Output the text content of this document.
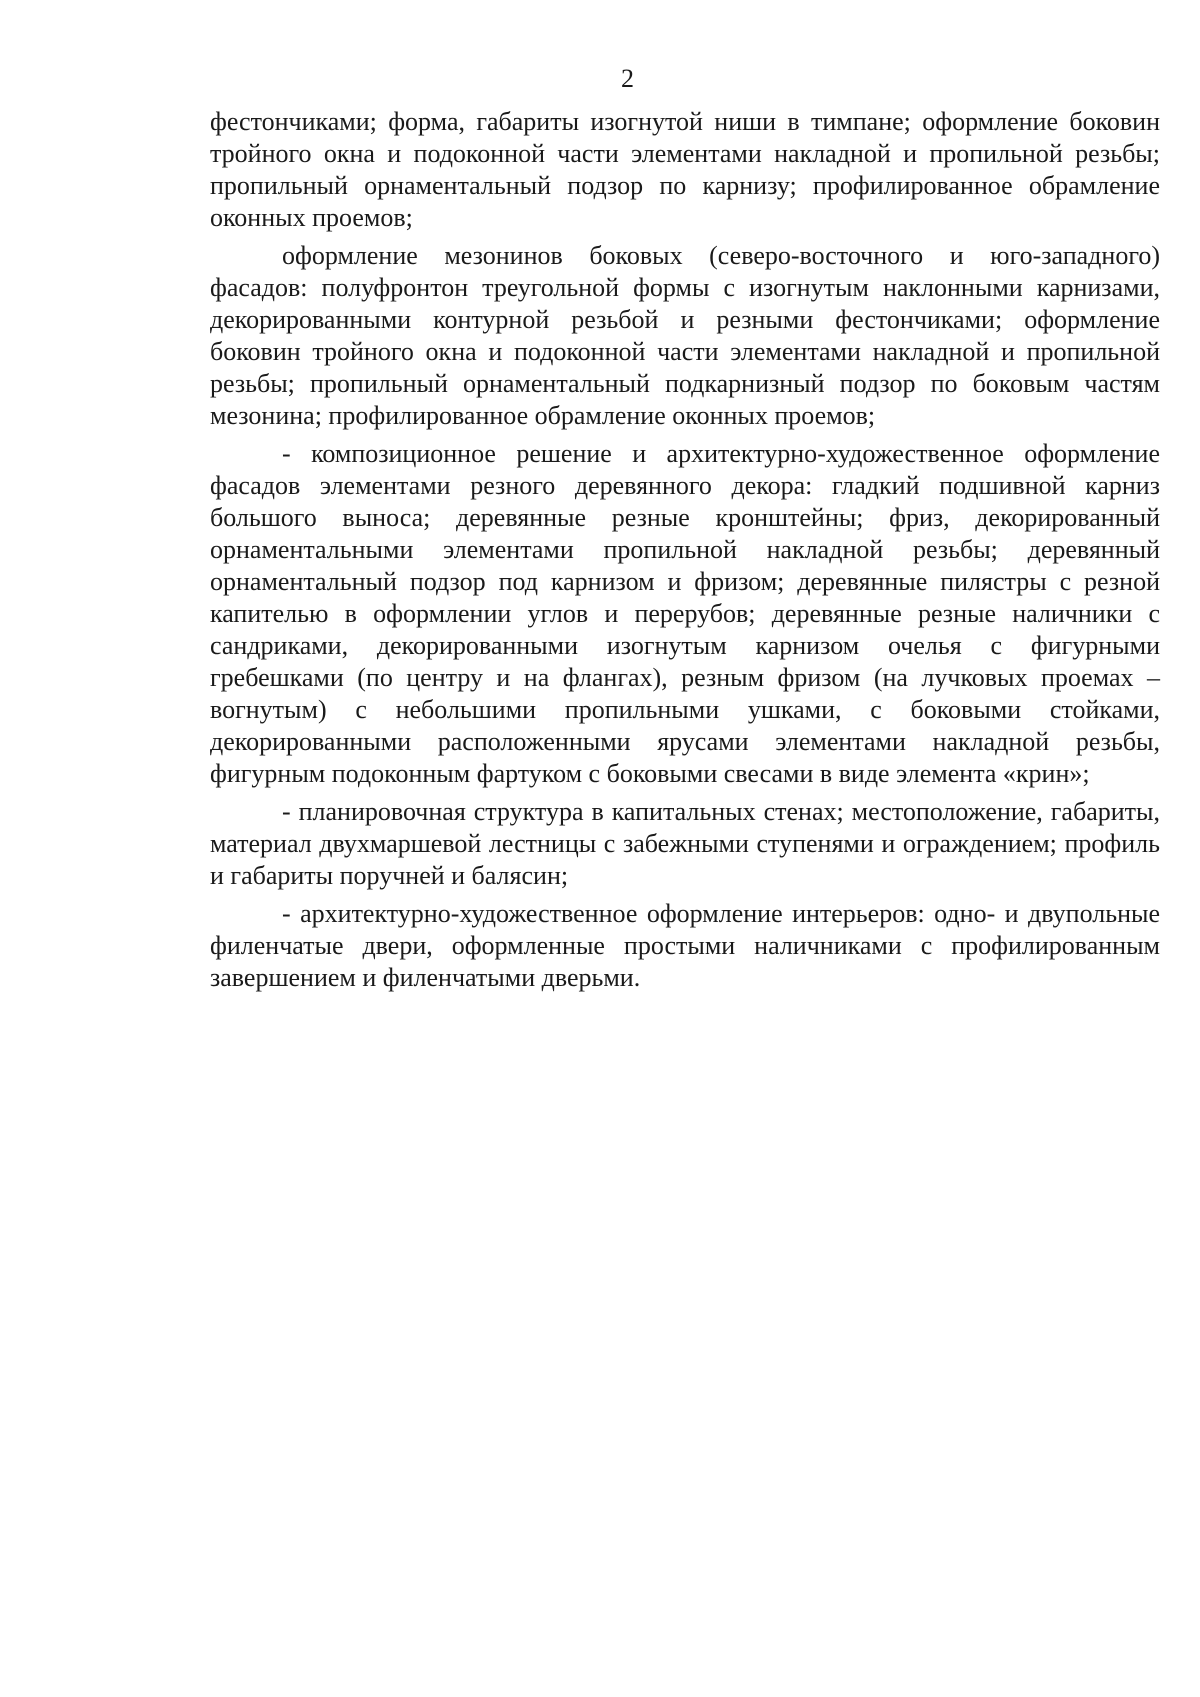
2

фестончиками; форма, габариты изогнутой ниши в тимпане; оформление боковин тройного окна и подоконной части элементами накладной и пропильной резьбы; пропильный орнаментальный подзор по карнизу; профилированное обрамление оконных проемов;

оформление мезонинов боковых (северо-восточного и юго-западного) фасадов: полуфронтон треугольной формы с изогнутым наклонными карнизами, декорированными контурной резьбой и резными фестончиками; оформление боковин тройного окна и подоконной части элементами накладной и пропильной резьбы; пропильный орнаментальный подкарнизный подзор по боковым частям мезонина; профилированное обрамление оконных проемов;

- композиционное решение и архитектурно-художественное оформление фасадов элементами резного деревянного декора: гладкий подшивной карниз большого выноса; деревянные резные кронштейны; фриз, декорированный орнаментальными элементами пропильной накладной резьбы; деревянный орнаментальный подзор под карнизом и фризом; деревянные пилястры с резной капителью в оформлении углов и перерубов; деревянные резные наличники с сандриками, декорированными изогнутым карнизом очелья с фигурными гребешками (по центру и на флангах), резным фризом (на лучковых проемах – вогнутым) с небольшими пропильными ушками, с боковыми стойками, декорированными расположенными ярусами элементами накладной резьбы, фигурным подоконным фартуком с боковыми свесами в виде элемента «крин»;

- планировочная структура в капитальных стенах; местоположение, габариты, материал двухмаршевой лестницы с забежными ступенями и ограждением; профиль и габариты поручней и балясин;

- архитектурно-художественное оформление интерьеров: одно- и двупольные филенчатые двери, оформленные простыми наличниками с профилированным завершением и филенчатыми дверьми.
